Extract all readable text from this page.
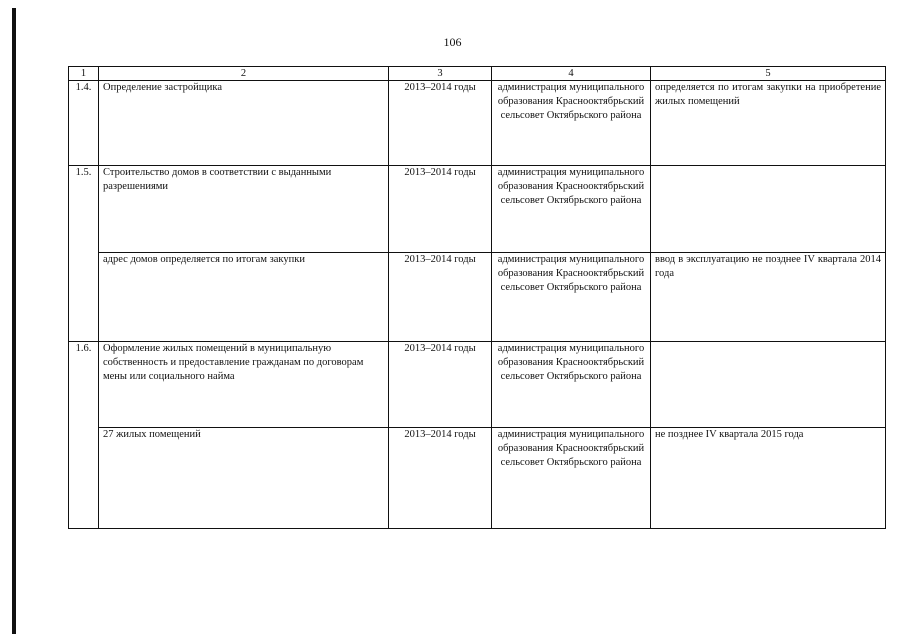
106
1	2	3	4	5
1.4.	Определение застройщика	2013–2014 годы	администрация муниципального образования Краснооктябрьский сельсовет Октябрьского района	определяется по итогам закупки на приобретение жилых помещений
1.5.	Строительство домов в соответствии с выданными разрешениями	2013–2014 годы	администрация муниципального образования Краснооктябрьский сельсовет Октябрьского района	
	адрес домов определяется по итогам закупки	2013–2014 годы	администрация муниципального образования Краснооктябрьский сельсовет Октябрьского района	ввод в эксплуатацию не позднее IV квартала 2014 года
1.6.	Оформление жилых помещений в муниципальную собственность и предоставление гражданам по договорам мены или социального найма	2013–2014 годы	администрация муниципального образования Краснооктябрьский сельсовет Октябрьского района	
	27 жилых помещений	2013–2014 годы	администрация муниципального образования Краснооктябрьский сельсовет Октябрьского района	не позднее IV квартала 2015 года
